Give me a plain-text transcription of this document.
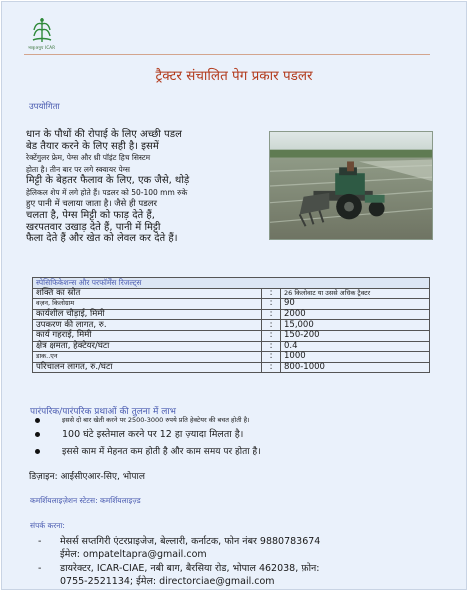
भाकृअनुप ICAR
ट्रैक्टर संचालित पेग प्रकार पडलर
उपयोगिता
धान के पौधों की रोपाई के लिए अच्छी पडल
बेड तैयार करने के लिए सही है। इसमें
रेक्टेंगुलर फ्रेम, पेग्स और थ्री पॉइंट हिच सिस्टम
होता है। तीन बार पर लगे स्क्वायर पेग्स
मिट्टी के बेहतर फैलाव के लिए, एक जैसे, थोड़े
हेलिकल शेप में लगे होते हैं। पडलर को 50-100 mm रुके
हुए पानी में चलाया जाता है। जैसे ही पडलर
चलता है, पेग्स मिट्टी को फाड़ देते हैं,
खरपतवार उखाड़ देते हैं, पानी में मिट्टी
फैला देते हैं और खेत को लेवल कर देते हैं।
स्पेसिफिकेशन्स और परफॉर्मेंस रिजल्ट्स		
शक्ति का स्रोत	:	26 किलोवाट या उससे अधिक ट्रैक्टर
वज़न, किलोग्राम	:	90
कार्यशील चौड़ाई, मिमी	:	2000
उपकरण की लागत, रु.	:	15,000
कार्य गहराई, मिमी	:	150-200
क्षेत्र क्षमता, हेक्टेयर/घंटा	:	0.4
डाक..एन	:	1000
परिचालन लागत, रु./घंटा	:	800-1000
पारंपरिक/पारंपरिक प्रथाओं की तुलना में लाभ
इससे दो बार खेती करने पर 2500-3000 रुपये प्रति हेक्टेयर की बचत होती है।
100 घंटे इस्तेमाल करने पर 12 हा ज़्यादा मिलता है।
इससे काम में मेहनत कम होती है और काम समय पर होता है।
डिज़ाइन: आईसीएआर-सिए, भोपाल
कमर्शियलाइज़ेशन स्टेटस: कमर्शियलाइज़्ड
संपर्क करना:
- मेसर्स सप्तगिरी एंटरप्राइजेज, बेल्लारी, कर्नाटक, फोन नंबर 9880783674
ईमेल: ompateltapra@gmail.com
- डायरेक्टर, ICAR-CIAE, नबी बाग, बैरसिया रोड, भोपाल 462038, फ़ोन:
0755-2521134; ईमेल: directorciae@gmail.com
